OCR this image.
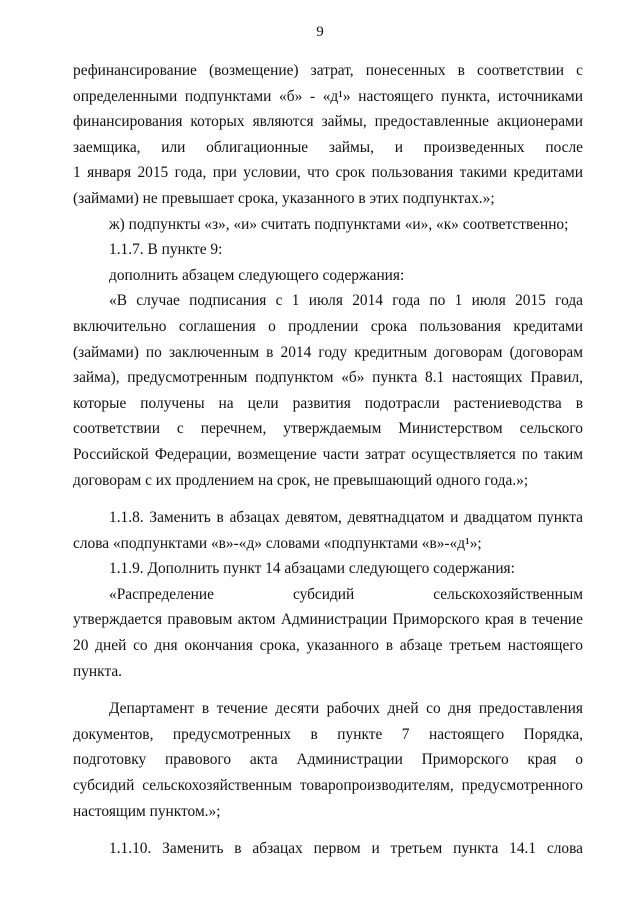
9
рефинансирование (возмещение) затрат, понесенных в соответствии с
определенными подпунктами «б» - «д¹» настоящего пункта, источниками
финансирования которых являются займы, предоставленные акционерами
заемщика, или облигационные займы, и произведенных после
1 января 2015 года, при условии, что срок пользования такими кредитами
(займами) не превышает срока, указанного в этих подпунктах.»;
ж) подпункты «з», «и» считать подпунктами «и», «к» соответственно;
1.1.7. В пункте 9:
дополнить абзацем следующего содержания:
«В случае подписания с 1 июля 2014 года по 1 июля 2015 года
включительно соглашения о продлении срока пользования кредитами
(займами) по заключенным в 2014 году кредитным договорам (договорам
займа), предусмотренным подпунктом «б» пункта 8.1 настоящих Правил,
которые получены на цели развития подотрасли растениеводства в
соответствии с перечнем, утверждаемым Министерством сельского
Российской Федерации, возмещение части затрат осуществляется по таким
договорам с их продлением на срок, не превышающий одного года.»;
1.1.8. Заменить в абзацах девятом, девятнадцатом и двадцатом пункта
слова «подпунктами «в»-«д» словами «подпунктами «в»-«д¹»;
1.1.9. Дополнить пункт 14 абзацами следующего содержания:
«Распределение субсидий сельскохозяйственным
утверждается правовым актом Администрации Приморского края в течение
20 дней со дня окончания срока, указанного в абзаце третьем настоящего
пункта.
Департамент в течение десяти рабочих дней со дня предоставления
документов, предусмотренных в пункте 7 настоящего Порядка,
подготовку правового акта Администрации Приморского края о
субсидий сельскохозяйственным товаропроизводителям, предусмотренного
настоящим пунктом.»;
1.1.10. Заменить в абзацах первом и третьем пункта 14.1 слова
